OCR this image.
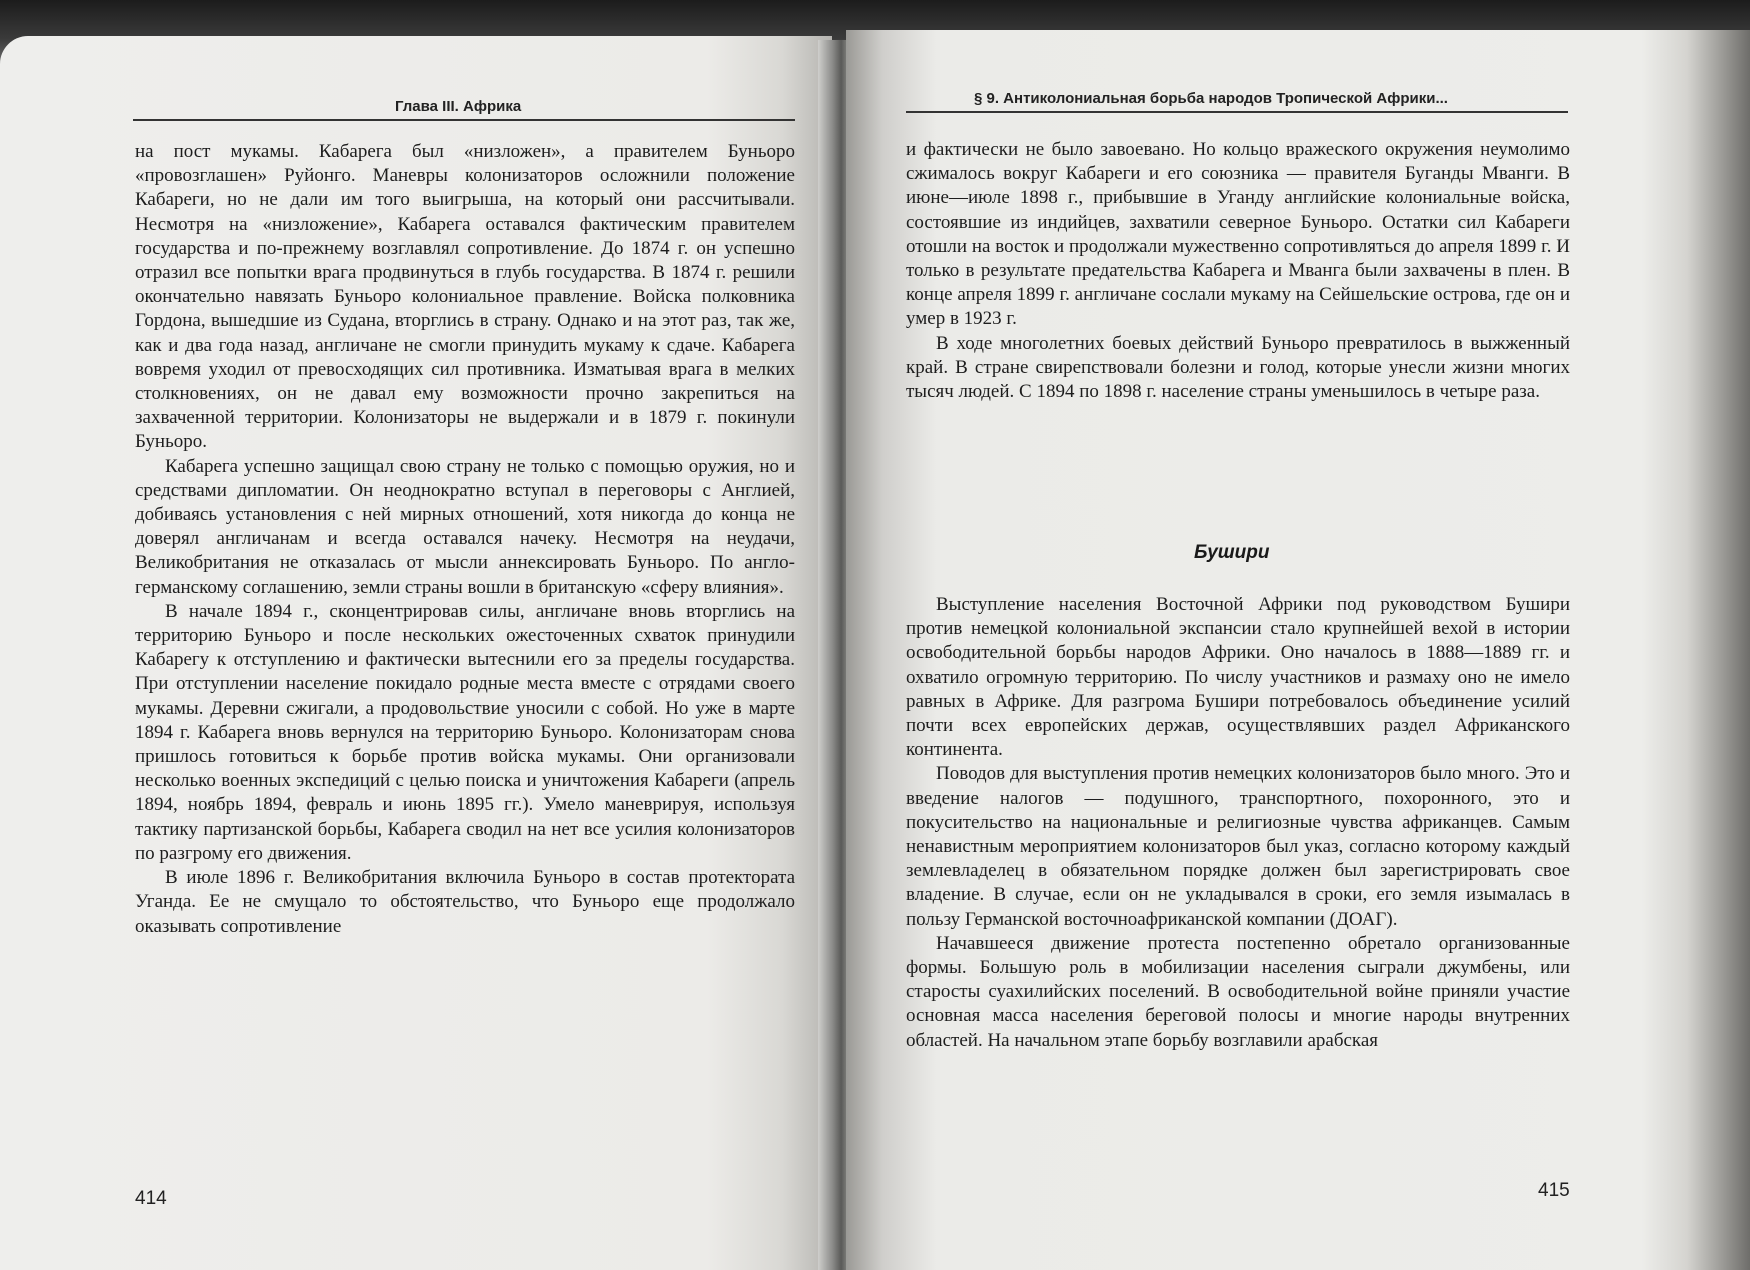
Глава III. Африка

на пост мукамы. Кабарега был «низложен», а правителем Буньоро «провозглашен» Руйонго. Маневры колонизаторов осложнили положение Кабареги, но не дали им того выигрыша, на который они рассчитывали. Несмотря на «низложение», Кабарега оставался фактическим правителем государства и по-прежнему возглавлял сопротивление. До 1874 г. он успешно отразил все попытки врага продвинуться в глубь государства. В 1874 г. решили окончательно навязать Буньоро колониальное правление. Войска полковника Гордона, вышедшие из Судана, вторглись в страну. Однако и на этот раз, так же, как и два года назад, англичане не смогли принудить мукаму к сдаче. Кабарега вовремя уходил от превосходящих сил противника. Изматывая врага в мелких столкновениях, он не давал ему возможности прочно закрепиться на захваченной территории. Колонизаторы не выдержали и в 1879 г. покинули Буньоро.

Кабарега успешно защищал свою страну не только с помощью оружия, но и средствами дипломатии. Он неоднократно вступал в переговоры с Англией, добиваясь установления с ней мирных отношений, хотя никогда до конца не доверял англичанам и всегда оставался начеку. Несмотря на неудачи, Великобритания не отказалась от мысли аннексировать Буньоро. По англо-германскому соглашению, земли страны вошли в британскую «сферу влияния».

В начале 1894 г., сконцентрировав силы, англичане вновь вторглись на территорию Буньоро и после нескольких ожесточенных схваток принудили Кабарегу к отступлению и фактически вытеснили его за пределы государства. При отступлении население покидало родные места вместе с отрядами своего мукамы. Деревни сжигали, а продовольствие уносили с собой. Но уже в марте 1894 г. Кабарега вновь вернулся на территорию Буньоро. Колонизаторам снова пришлось готовиться к борьбе против войска мукамы. Они организовали несколько военных экспедиций с целью поиска и уничтожения Кабареги (апрель 1894, ноябрь 1894, февраль и июнь 1895 гг.). Умело маневрируя, используя тактику партизанской борьбы, Кабарега сводил на нет все усилия колонизаторов по разгрому его движения.

В июле 1896 г. Великобритания включила Буньоро в состав протектората Уганда. Ее не смущало то обстоятельство, что Буньоро еще продолжало оказывать сопротивление

414
§ 9. Антиколониальная борьба народов Тропической Африки...

и фактически не было завоевано. Но кольцо вражеского окружения неумолимо сжималось вокруг Кабареги и его союзника — правителя Буганды Мванги. В июне—июле 1898 г., прибывшие в Уганду английские колониальные войска, состоявшие из индийцев, захватили северное Буньоро. Остатки сил Кабареги отошли на восток и продолжали мужественно сопротивляться до апреля 1899 г. И только в результате предательства Кабарега и Мванга были захвачены в плен. В конце апреля 1899 г. англичане сослали мукаму на Сейшельские острова, где он и умер в 1923 г.

В ходе многолетних боевых действий Буньоро превратилось в выжженный край. В стране свирепствовали болезни и голод, которые унесли жизни многих тысяч людей. С 1894 по 1898 г. население страны уменьшилось в четыре раза.

Бушири

Выступление населения Восточной Африки под руководством Бушири против немецкой колониальной экспансии стало крупнейшей вехой в истории освободительной борьбы народов Африки. Оно началось в 1888—1889 гг. и охватило огромную территорию. По числу участников и размаху оно не имело равных в Африке. Для разгрома Бушири потребовалось объединение усилий почти всех европейских держав, осуществлявших раздел Африканского континента.

Поводов для выступления против немецких колонизаторов было много. Это и введение налогов — подушного, транспортного, похоронного, это и покусительство на национальные и религиозные чувства африканцев. Самым ненавистным мероприятием колонизаторов был указ, согласно которому каждый землевладелец в обязательном порядке должен был зарегистрировать свое владение. В случае, если он не укладывался в сроки, его земля изымалась в пользу Германской восточноафриканской компании (ДОАГ).

Начавшееся движение протеста постепенно обретало организованные формы. Большую роль в мобилизации населения сыграли джумбены, или старосты суахилийских поселений. В освободительной войне приняли участие основная масса населения береговой полосы и многие народы внутренних областей. На начальном этапе борьбу возглавили арабская

415
